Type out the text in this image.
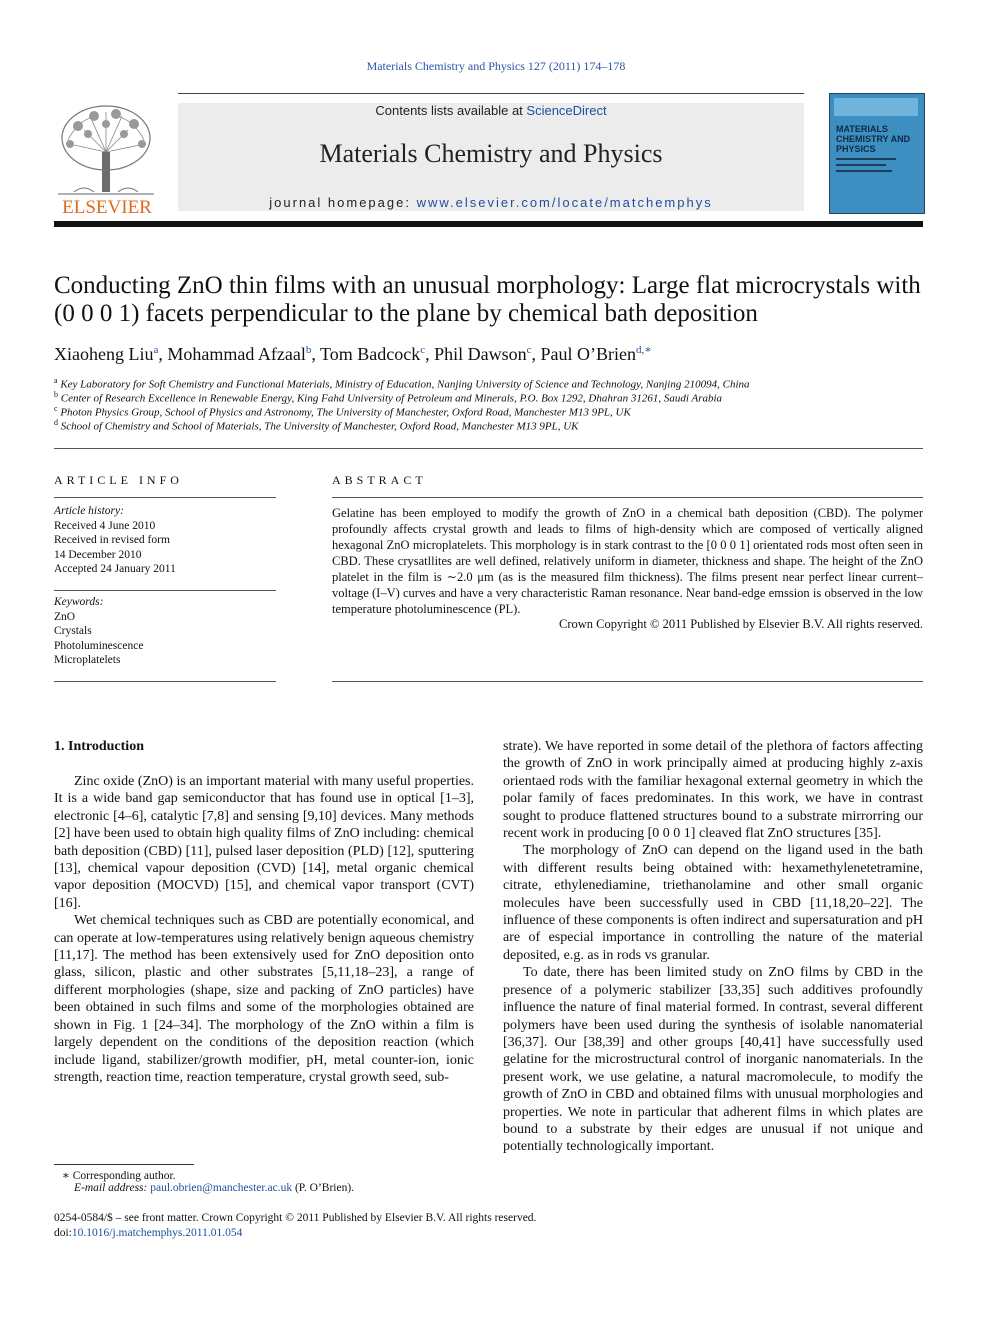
Materials Chemistry and Physics 127 (2011) 174–178
ELSEVIER
Contents lists available at ScienceDirect
Materials Chemistry and Physics
journal homepage: www.elsevier.com/locate/matchemphys
MATERIALS CHEMISTRY AND PHYSICS
Conducting ZnO thin films with an unusual morphology: Large flat microcrystals with (0 0 0 1) facets perpendicular to the plane by chemical bath deposition
Xiaoheng Liu$^a$, Mohammad Afzaal$^b$, Tom Badcock$^c$, Phil Dawson$^c$, Paul O’Brien$^{d,∗}$
$^a$ Key Laboratory for Soft Chemistry and Functional Materials, Ministry of Education, Nanjing University of Science and Technology, Nanjing 210094, China
$^b$ Center of Research Excellence in Renewable Energy, King Fahd University of Petroleum and Minerals, P.O. Box 1292, Dhahran 31261, Saudi Arabia
$^c$ Photon Physics Group, School of Physics and Astronomy, The University of Manchester, Oxford Road, Manchester M13 9PL, UK
$^d$ School of Chemistry and School of Materials, The University of Manchester, Oxford Road, Manchester M13 9PL, UK
ARTICLE INFO
Article history:
Received 4 June 2010
Received in revised form
14 December 2010
Accepted 24 January 2011
Keywords:
ZnO
Crystals
Photoluminescence
Microplatelets
ABSTRACT
Gelatine has been employed to modify the growth of ZnO in a chemical bath deposition (CBD). The polymer profoundly affects crystal growth and leads to films of high-density which are composed of vertically aligned hexagonal ZnO microplatelets. This morphology is in stark contrast to the [0 0 0 1] orientated rods most often seen in CBD. These crysatllites are well defined, relatively uniform in diameter, thickness and shape. The height of the ZnO platelet in the film is ∼2.0 μm (as is the measured film thickness). The films present near perfect linear current–voltage (I–V) curves and have a very characteristic Raman resonance. Near band-edge emssion is observed in the low temperature photoluminescence (PL).
Crown Copyright © 2011 Published by Elsevier B.V. All rights reserved.
1. Introduction

Zinc oxide (ZnO) is an important material with many useful properties. It is a wide band gap semiconductor that has found use in optical [1–3], electronic [4–6], catalytic [7,8] and sensing [9,10] devices. Many methods [2] have been used to obtain high quality films of ZnO including: chemical bath deposition (CBD) [11], pulsed laser deposition (PLD) [12], sputtering [13], chemical vapour deposition (CVD) [14], metal organic chemical vapor deposition (MOCVD) [15], and chemical vapor transport (CVT) [16].

Wet chemical techniques such as CBD are potentially economical, and can operate at low-temperatures using relatively benign aqueous chemistry [11,17]. The method has been extensively used for ZnO deposition onto glass, silicon, plastic and other substrates [5,11,18–23], a range of different morphologies (shape, size and packing of ZnO particles) have been obtained in such films and some of the morphologies obtained are shown in Fig. 1 [24–34]. The morphology of the ZnO within a film is largely dependent on the conditions of the deposition reaction (which include ligand, stabilizer/growth modifier, pH, metal counter-ion, ionic strength, reaction time, reaction temperature, crystal growth seed, sub-

strate). We have reported in some detail of the plethora of factors affecting the growth of ZnO in work principally aimed at producing highly z-axis orientaed rods with the familiar hexagonal external geometry in which the polar family of faces predominates. In this work, we have in contrast sought to produce flattened structures bound to a substrate mirrorring our recent work in producing [0 0 0 1] cleaved flat ZnO structures [35].

The morphology of ZnO can depend on the ligand used in the bath with different results being obtained with: hexamethylenetetramine, citrate, ethylenediamine, triethanolamine and other small organic molecules have been successfully used in CBD [11,18,20–22]. The influence of these components is often indirect and supersaturation and pH are of especial importance in controlling the nature of the material deposited, e.g. as in rods vs granular.

To date, there has been limited study on ZnO films by CBD in the presence of a polymeric stabilizer [33,35] such additives profoundly influence the nature of final material formed. In contrast, several different polymers have been used during the synthesis of isolable nanomaterial [36,37]. Our [38,39] and other groups [40,41] have successfully used gelatine for the microstructural control of inorganic nanomaterials. In the present work, we use gelatine, a natural macromolecule, to modify the growth of ZnO in CBD and obtained films with unusual morphologies and properties. We note in particular that adherent films in which plates are bound to a substrate by their edges are unusual if not unique and potentially technologically important.

∗ Corresponding author.
E-mail address: paul.obrien@manchester.ac.uk (P. O’Brien).
0254-0584/$ – see front matter. Crown Copyright © 2011 Published by Elsevier B.V. All rights reserved.
doi:10.1016/j.matchemphys.2011.01.054
